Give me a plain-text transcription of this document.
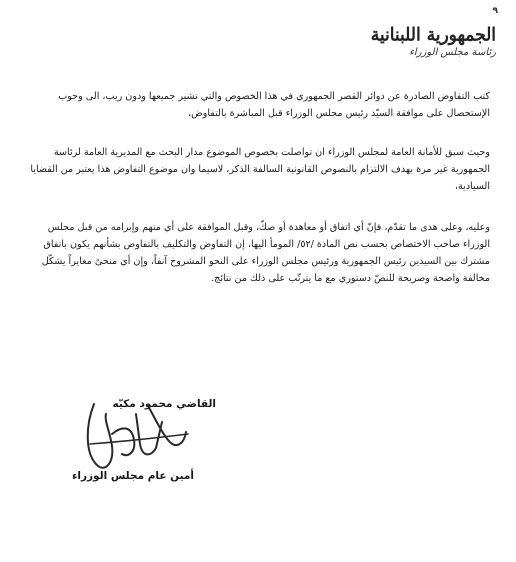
٩
الجمهورية اللبنانية
رئاسة مجلس الوزراء

كتب التفاوض الصادرة عن دوائر القصر الجمهوري في هذا الخصوص والتي تشير جميعها ودون ريب، الى وجوب الإستحصال على موافقة السيّد رئيس مجلس الوزراء قبل المباشرة بالتفاوض،

وحيث سبق للأمانة العامة لمجلس الوزراء ان تواصلت بخصوص الموضوع مدار البحث مع المديرية العامة لرئاسة الجمهورية غير مرة بهدف الالتزام بالنصوص القانونية السالفة الذكر، لاسيما وان موضوع التفاوض هذا يعتبر من القضايا السيادية،

وعليه، وعلى هدى ما تقدّم، فإنّ أي اتفاق أو معاهدة أو صكّ، وقبل الموافقة على أي منهم وإبرامه من قبل مجلس الوزراء صاحب الاختصاص بحسب نص المادة /٥٢/ المومأ اليها، إن التفاوض والتكليف بالتفاوض بشأنهم يكون باتفاق مشترك بين السيدين رئيس الجمهورية ورئيس مجلس الوزراء على النحو المشروح آنفاً، وإن أي منحىً مغايراً يشكّل مخالفة واضحة وصريحة للنصّ دستوري مع ما يترتّب على ذلك من نتائج.

القاضي محمود مكيّه
أمين عام مجلس الوزراء
